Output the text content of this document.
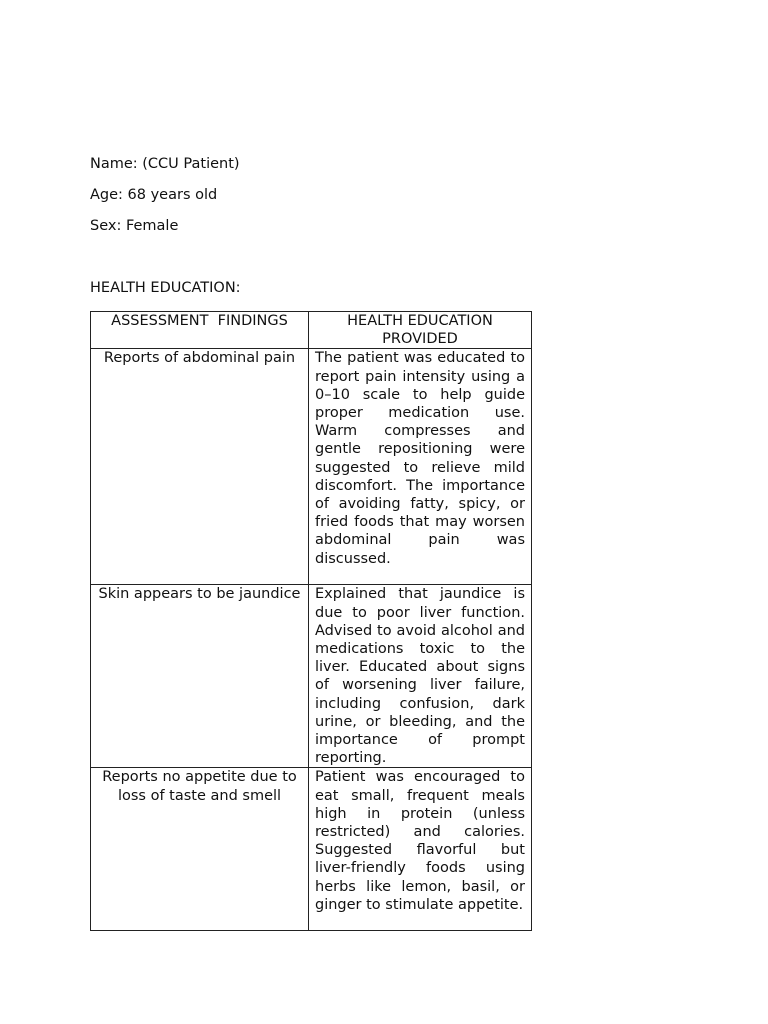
Name: (CCU Patient)

Age: 68 years old

Sex: Female

HEALTH EDUCATION:

ASSESSMENT  FINDINGS	HEALTH EDUCATION PROVIDED
Reports of abdominal pain	The patient was educated to report pain intensity using a 0–10 scale to help guide proper medication use. Warm compresses and gentle repositioning were suggested to relieve mild discomfort. The importance of avoiding fatty, spicy, or fried foods that may worsen abdominal pain was discussed.
Skin appears to be jaundice	Explained that jaundice is due to poor liver function. Advised to avoid alcohol and medications toxic to the liver. Educated about signs of worsening liver failure, including confusion, dark urine, or bleeding, and the importance of prompt reporting.
Reports no appetite due to loss of taste and smell	Patient was encouraged to eat small, frequent meals high in protein (unless restricted) and calories. Suggested flavorful but liver-friendly foods using herbs like lemon, basil, or ginger to stimulate appetite.
